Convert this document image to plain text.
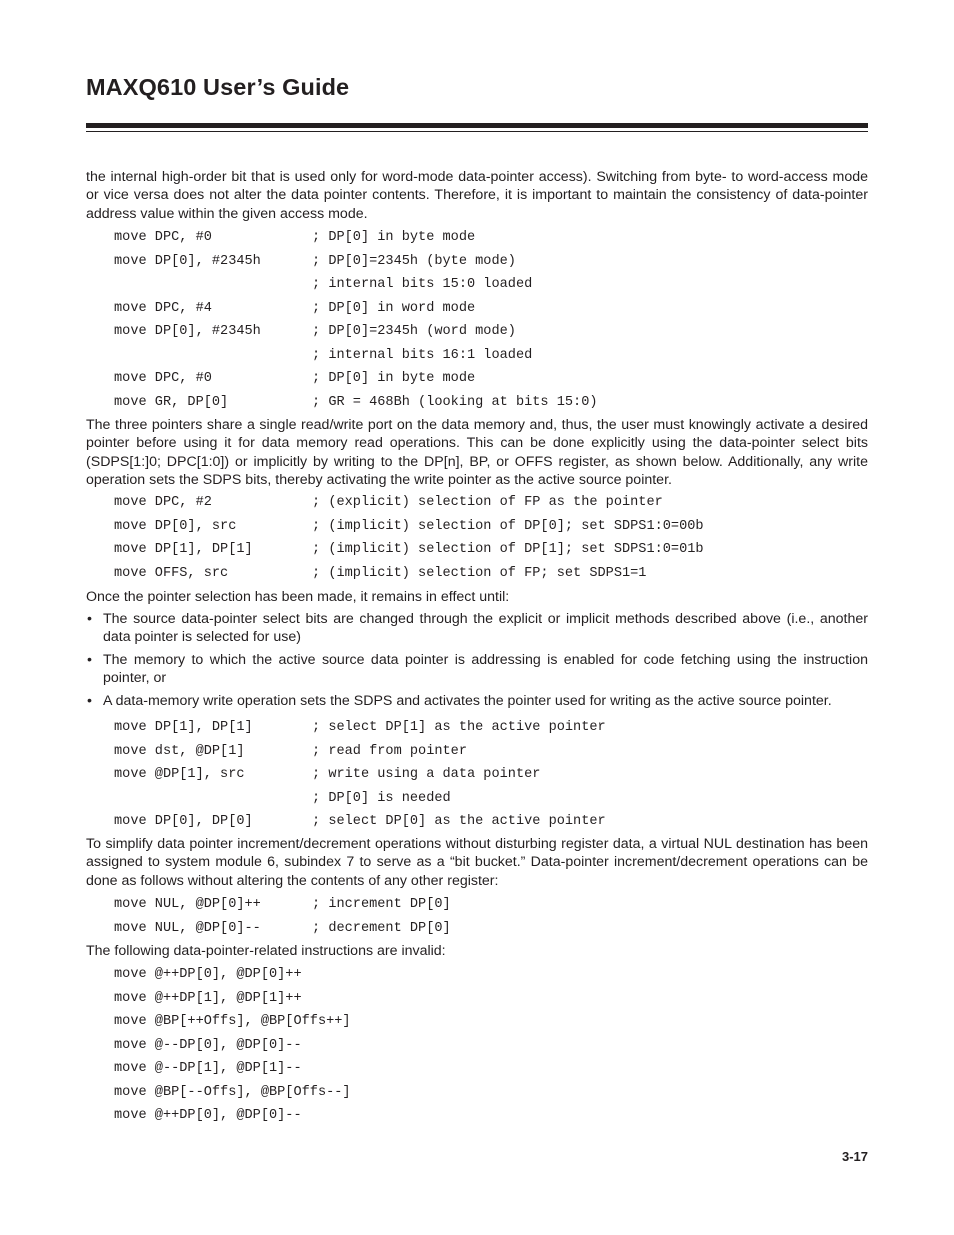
MAXQ610 User’s Guide

the internal high-order bit that is used only for word-mode data-pointer access). Switching from byte- to word-access mode or vice versa does not alter the data pointer contents. Therefore, it is important to maintain the consistency of data-pointer address value within the given access mode.

move DPC, #0	; DP[0] in byte mode
move DP[0], #2345h	; DP[0]=2345h (byte mode)
; internal bits 15:0 loaded
move DPC, #4	; DP[0] in word mode
move DP[0], #2345h	; DP[0]=2345h (word mode)
; internal bits 16:1 loaded
move DPC, #0	; DP[0] in byte mode
move GR, DP[0]	; GR = 468Bh (looking at bits 15:0)

The three pointers share a single read/write port on the data memory and, thus, the user must knowingly activate a desired pointer before using it for data memory read operations. This can be done explicitly using the data-pointer select bits (SDPS[1:]0; DPC[1:0]) or implicitly by writing to the DP[n], BP, or OFFS register, as shown below. Additionally, any write operation sets the SDPS bits, thereby activating the write pointer as the active source pointer.

move DPC, #2	; (explicit) selection of FP as the pointer
move DP[0], src	; (implicit) selection of DP[0]; set SDPS1:0=00b
move DP[1], DP[1]	; (implicit) selection of DP[1]; set SDPS1:0=01b
move OFFS, src	; (implicit) selection of FP; set SDPS1=1

Once the pointer selection has been made, it remains in effect until:

• The source data-pointer select bits are changed through the explicit or implicit methods described above (i.e., another data pointer is selected for use)
• The memory to which the active source data pointer is addressing is enabled for code fetching using the instruction pointer, or
• A data-memory write operation sets the SDPS and activates the pointer used for writing as the active source pointer.
move DP[1], DP[1]	; select DP[1] as the active pointer
move dst, @DP[1]	; read from pointer
move @DP[1], src	; write using a data pointer
; DP[0] is needed
move DP[0], DP[0]	; select DP[0] as the active pointer

To simplify data pointer increment/decrement operations without disturbing register data, a virtual NUL destination has been assigned to system module 6, subindex 7 to serve as a “bit bucket.” Data-pointer increment/decrement operations can be done as follows without altering the contents of any other register:

move NUL, @DP[0]++	; increment DP[0]
move NUL, @DP[0]--	; decrement DP[0]

The following data-pointer-related instructions are invalid:

move @++DP[0], @DP[0]++
move @++DP[1], @DP[1]++
move @BP[++Offs], @BP[Offs++]
move @--DP[0], @DP[0]--
move @--DP[1], @DP[1]--
move @BP[--Offs], @BP[Offs--]
move @++DP[0], @DP[0]--

3-17
